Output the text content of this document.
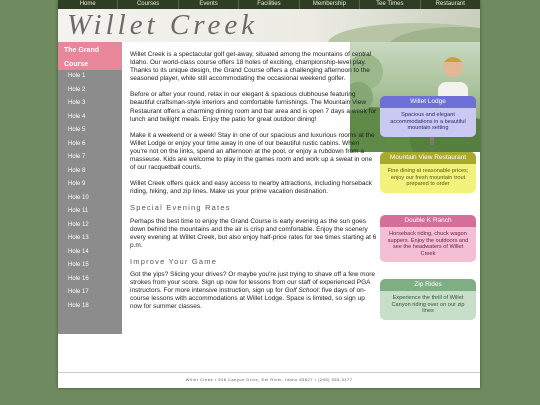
Home	Courses	Events	Facilities	Membership	Tee Times	Restaurant
Willet Creek
The Grand Course
Hole 1
Hole 2
Hole 3
Hole 4
Hole 5
Hole 6
Hole 7
Hole 8
Hole 9
Hole 10
Hole 11
Hole 12
Hole 13
Hole 14
Hole 15
Hole 16
Hole 17
Hole 18
Willet Lodge
Spacious and elegant accommodations in a beautiful mountain setting
Mountain View Restaurant
Fine dining at reasonable prices; enjoy our fresh mountain trout prepared to order
Double K Ranch
Horseback riding, chuck wagon suppers. Enjoy the outdoors and see the headwaters of Willet Creek
Zip Rides
Experience the thrill of Willet Canyon riding over on our zip lines

Willet Creek is a spectacular golf get-away, situated among the mountains of central Idaho. Our world-class course offers 18 holes of exciting, championship-level play. Thanks to its unique design, the Grand Course offers a challenging afternoon to the seasoned player, while still accommodating the occasional weekend golfer.

Before or after your round, relax in our elegant & spacious clubhouse featuring beautiful craftsman-style interiors and comfortable furnishings. The Mountain View Restaurant offers a charming dining room and bar area and is open 7 days a week for lunch and twilight meals. Enjoy the patio for great outdoor dining!

Make it a weekend or a week! Stay in one of our spacious and luxurious rooms at the Willet Lodge or enjoy your time away in one of our beautiful rustic cabins. When you're not on the links, spend an afternoon at the pool, or enjoy a rubdown from a masseuse. Kids are welcome to play in the games room and work up a sweat in one of our racquetball courts.

Willet Creek offers quick and easy access to nearby attractions, including horseback riding, hiking, and zip lines. Make us your prime vacation destination.

Special Evening Rates

Perhaps the best time to enjoy the Grand Course is early evening as the sun goes down behind the mountains and the air is crisp and comfortable. Enjoy the scenery every evening at Willet Creek, but also enjoy half-price rates for tee times starting at 6 p.m.

Improve Your Game

Got the yips? Slicing your drives? Or maybe you're just trying to shave off a few more strokes from your score. Sign up now for lessons from our staff of experienced PGA instructors. For more intensive instruction, sign up for Golf School: five days of on-course lessons with accommodations at Willet Lodge. Space is limited, so sign up now for summer classes.

Willet Creek • 538 Canyon Drive, Eel River, Idaho 83827 • (208) 555-3177
